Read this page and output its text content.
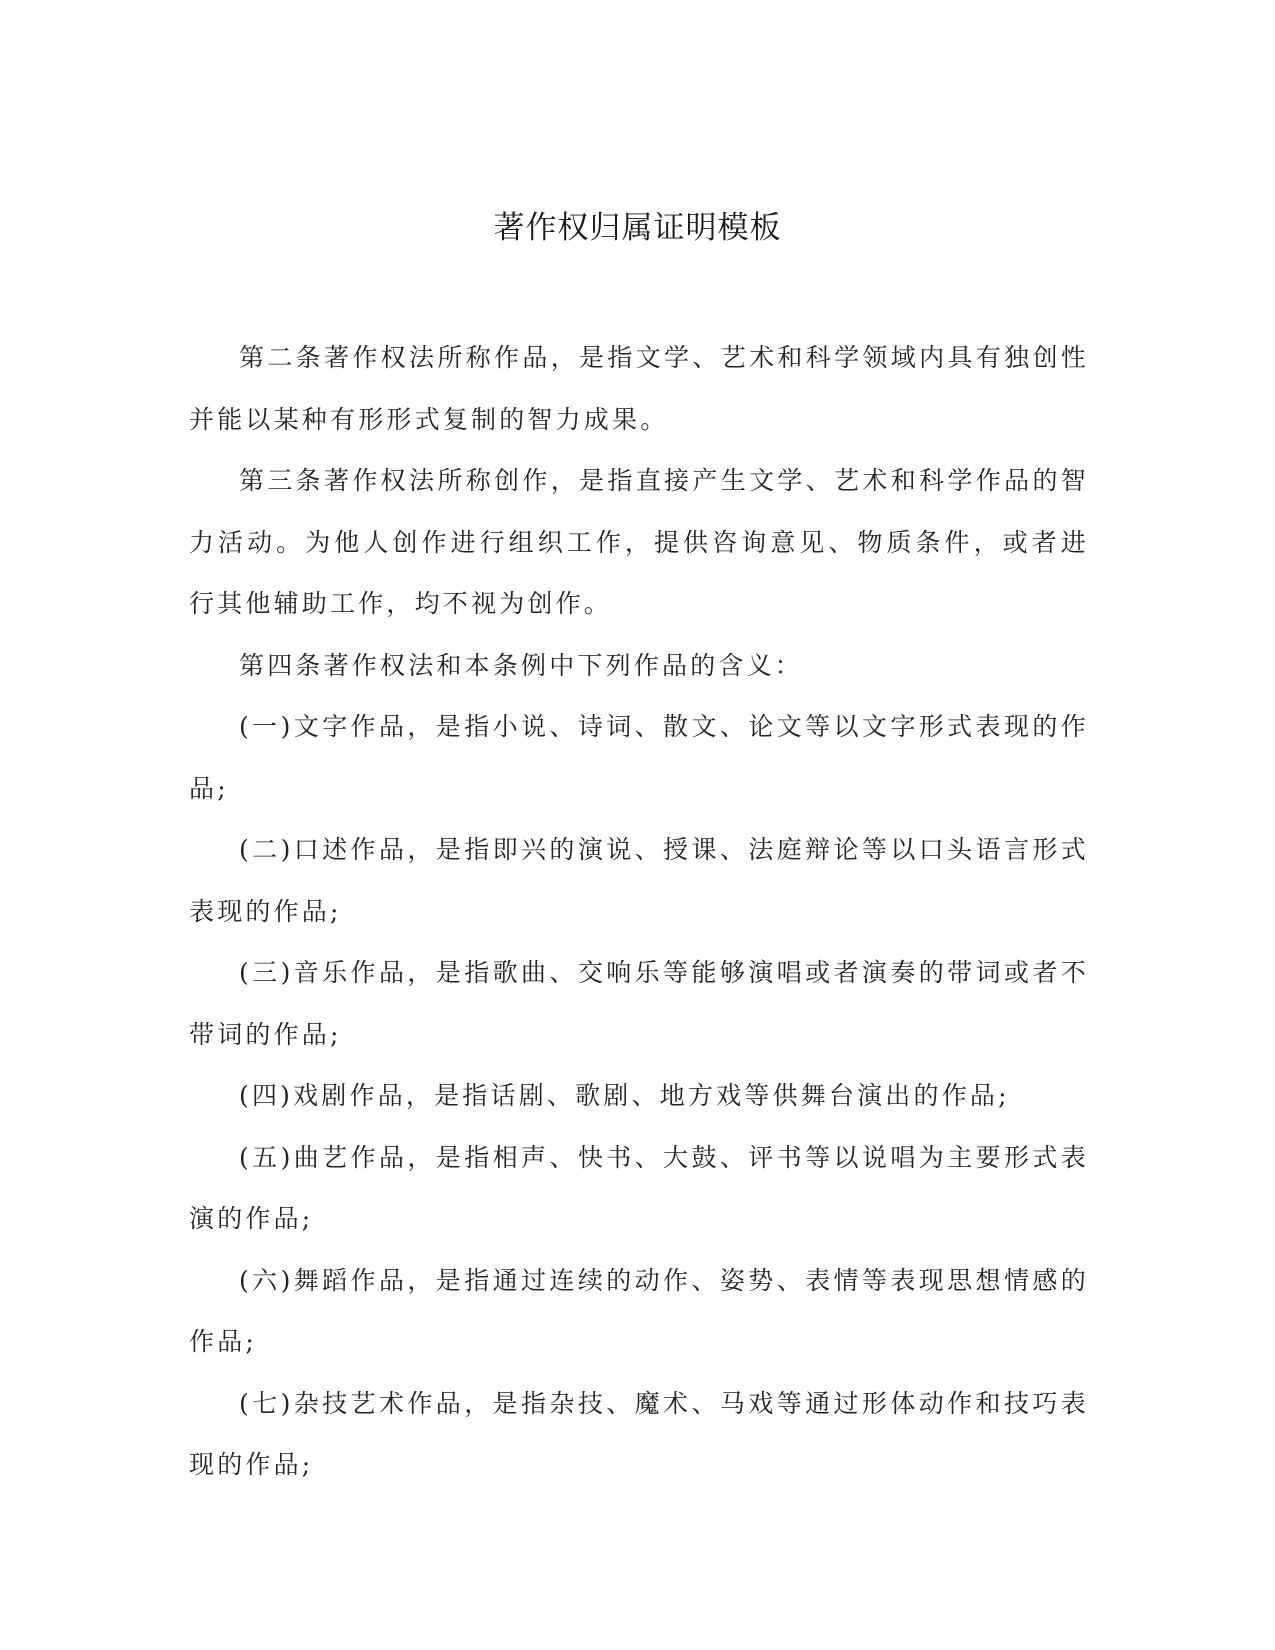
著作权归属证明模板

第二条著作权法所称作品，是指文学、艺术和科学领域内具有独创性并能以某种有形形式复制的智力成果。

第三条著作权法所称创作，是指直接产生文学、艺术和科学作品的智力活动。为他人创作进行组织工作，提供咨询意见、物质条件，或者进行其他辅助工作，均不视为创作。

第四条著作权法和本条例中下列作品的含义：

(一)文字作品，是指小说、诗词、散文、论文等以文字形式表现的作品;

(二)口述作品，是指即兴的演说、授课、法庭辩论等以口头语言形式表现的作品;

(三)音乐作品，是指歌曲、交响乐等能够演唱或者演奏的带词或者不带词的作品;

(四)戏剧作品，是指话剧、歌剧、地方戏等供舞台演出的作品;

(五)曲艺作品，是指相声、快书、大鼓、评书等以说唱为主要形式表演的作品;

(六)舞蹈作品，是指通过连续的动作、姿势、表情等表现思想情感的作品;

(七)杂技艺术作品，是指杂技、魔术、马戏等通过形体动作和技巧表现的作品;
